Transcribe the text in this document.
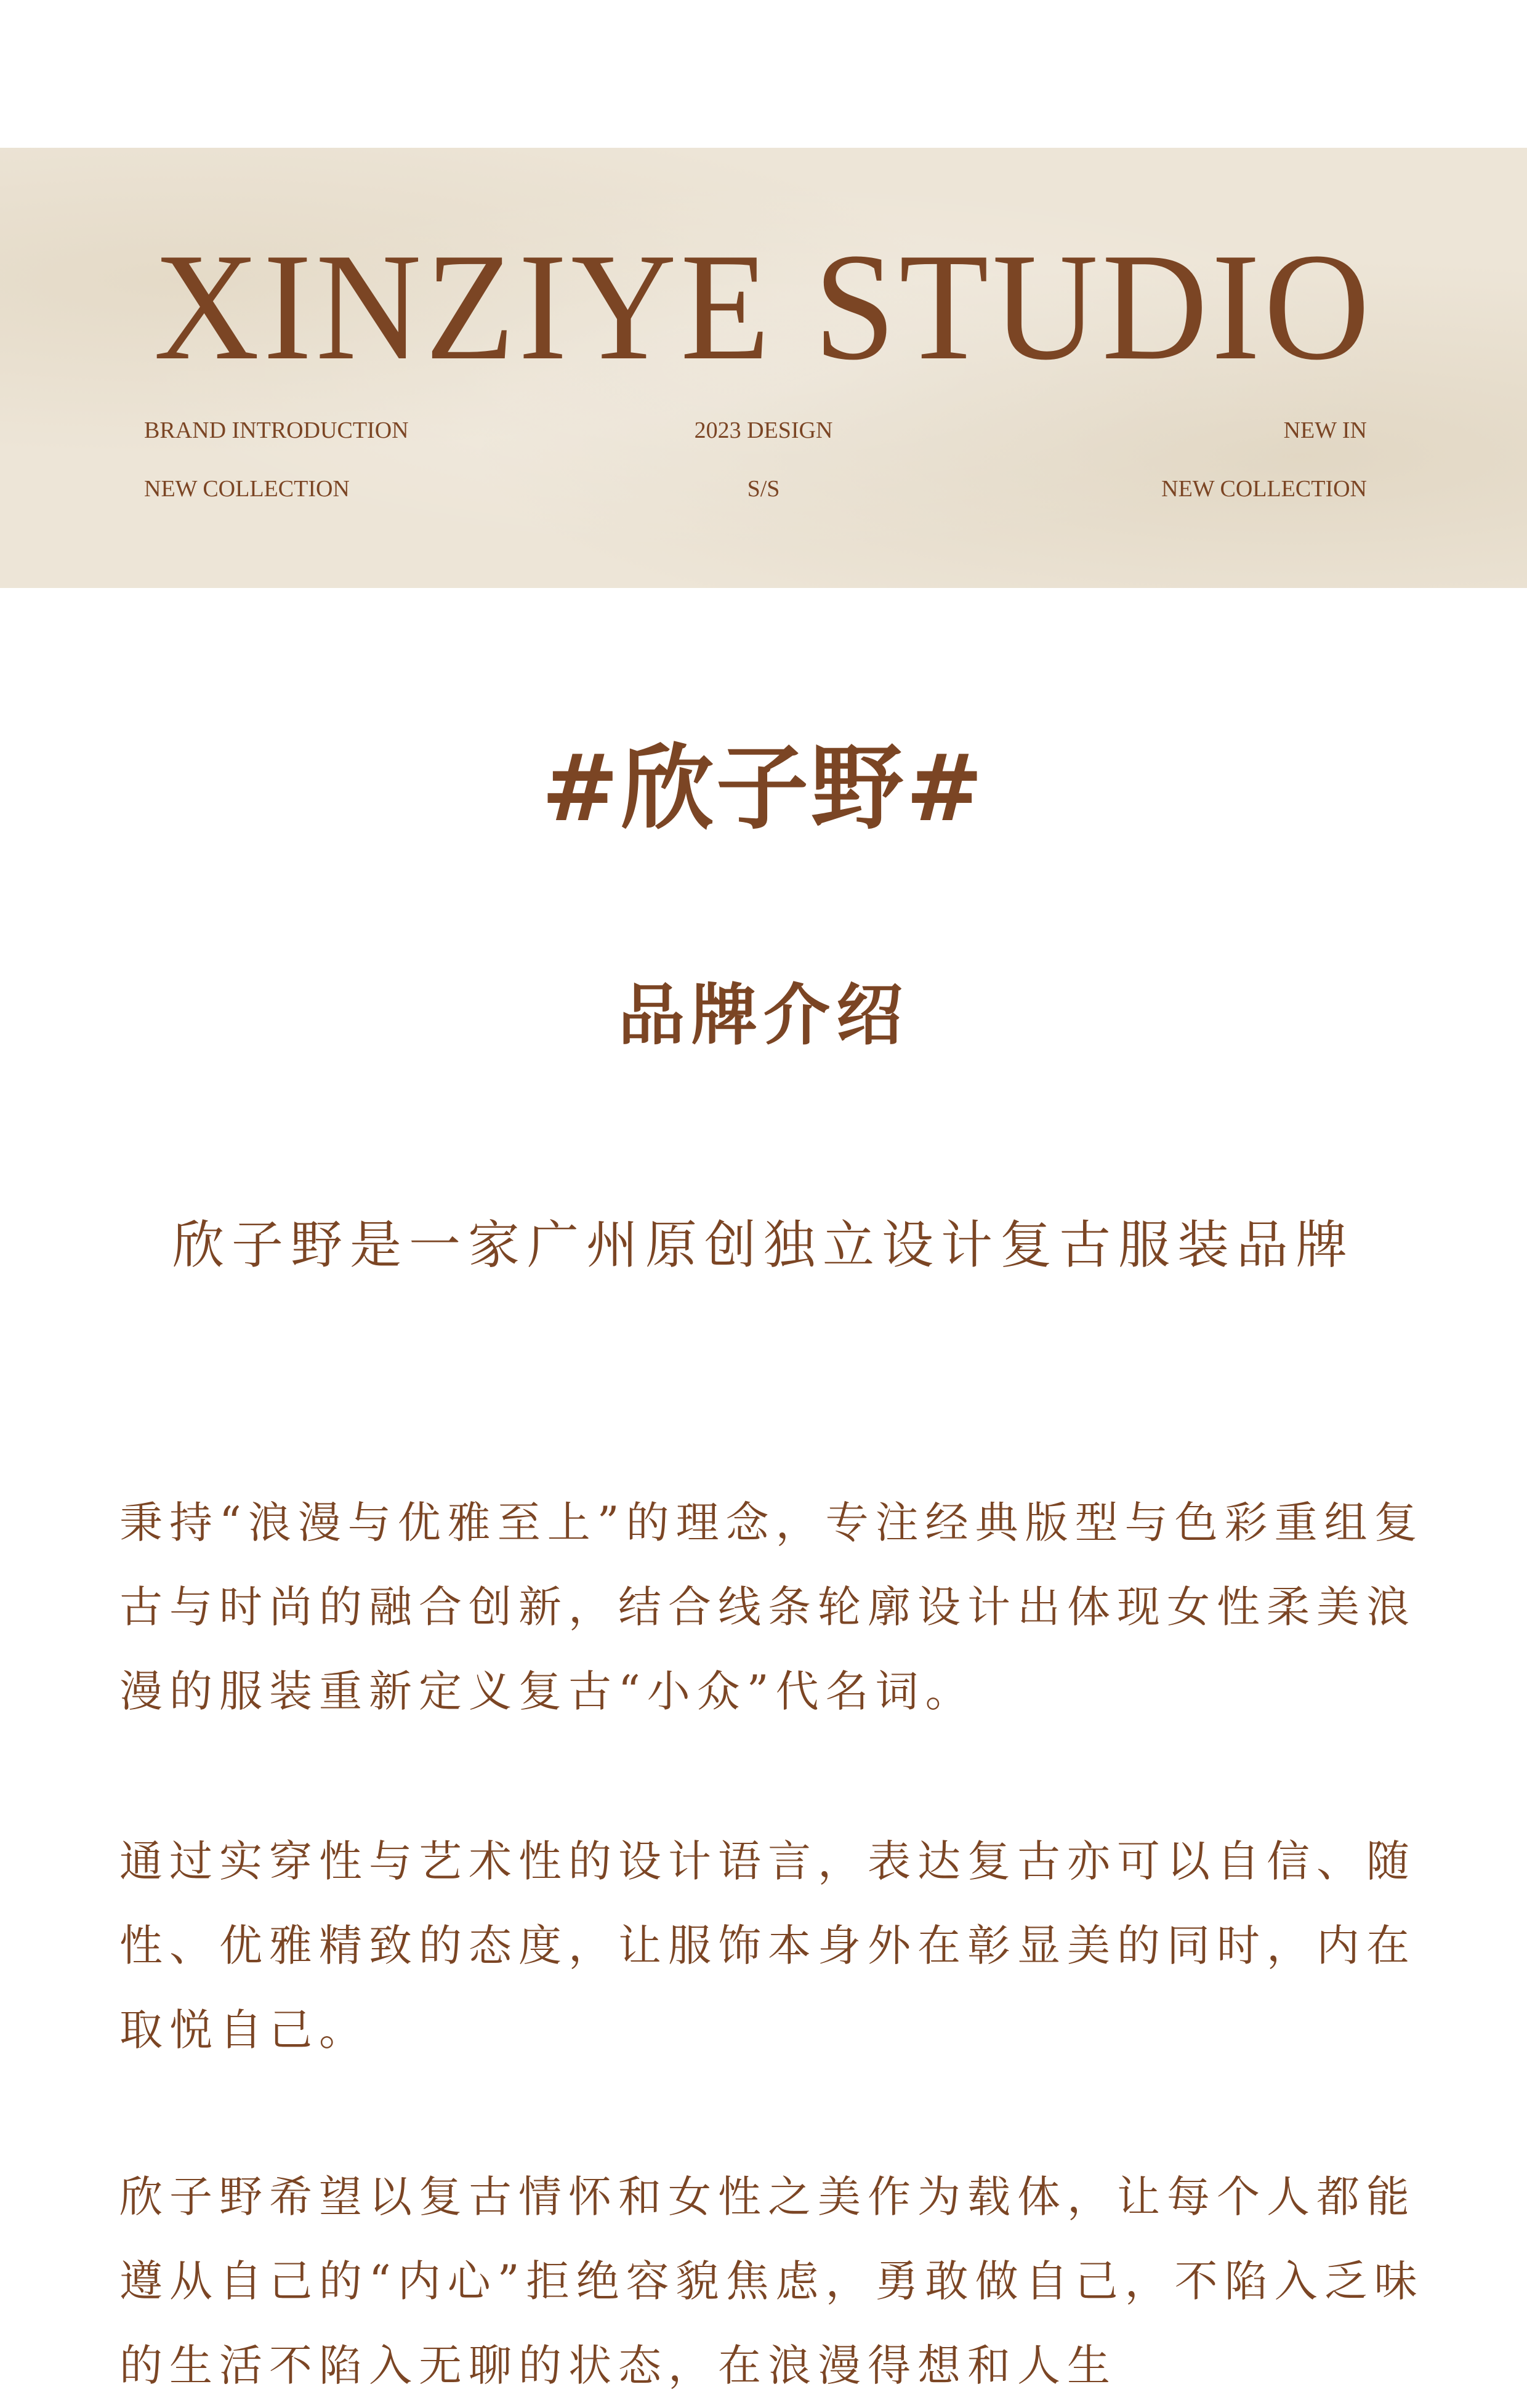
XINZIYE STUDIO
BRAND INTRODUCTION
NEW COLLECTION
2023 DESIGN
S/S
NEW IN
NEW COLLECTION
#欣子野#
品牌介绍
欣子野是一家广州原创独立设计复古服装品牌

秉持“浪漫与优雅至上”的理念，专注经典版型与色彩重组复古与时尚的融合创新，结合线条轮廓设计出体现女性柔美浪漫的服装重新定义复古“小众”代名词。

通过实穿性与艺术性的设计语言，表达复古亦可以自信、随性、优雅精致的态度，让服饰本身外在彰显美的同时，内在取悦自己。

欣子野希望以复古情怀和女性之美作为载体，让每个人都能遵从自己的“内心”拒绝容貌焦虑，勇敢做自己，不陷入乏味的生活不陷入无聊的状态，在浪漫得想和人生
